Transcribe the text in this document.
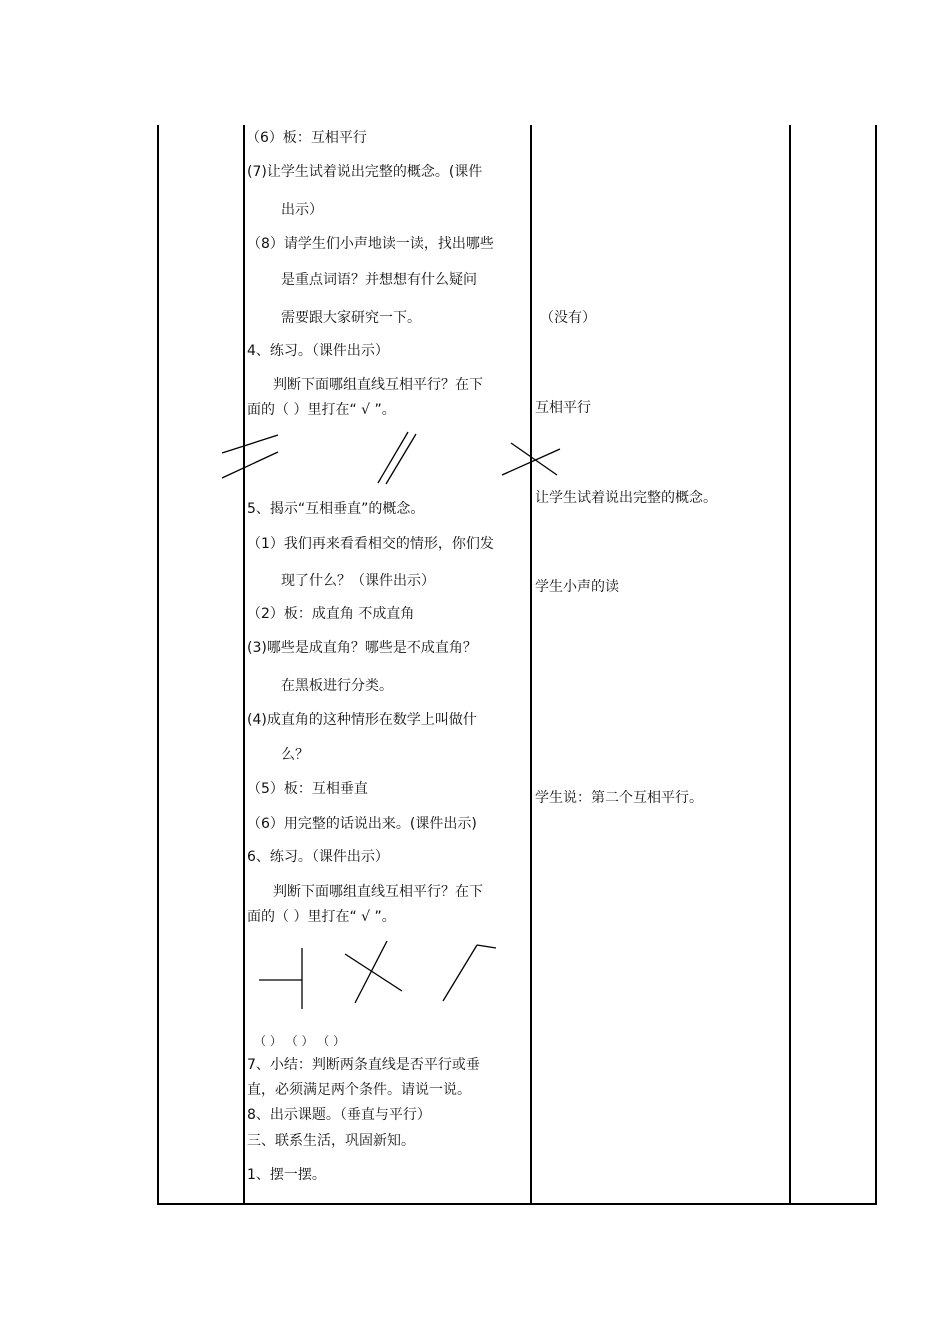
（6）板：互相平行
(7)让学生试着说出完整的概念。(课件
出示）
（8）请学生们小声地读一读，找出哪些
是重点词语？并想想有什么疑问
需要跟大家研究一下。
4、练习。（课件出示）
判断下面哪组直线互相平行？在下
面的（ ）里打在“ √ ”。
5、揭示“互相垂直”的概念。
（1）我们再来看看相交的情形，你们发
现了什么？（课件出示）
（2）板：成直角 不成直角
(3)哪些是成直角？哪些是不成直角？
在黑板进行分类。
(4)成直角的这种情形在数学上叫做什
么？
（5）板：互相垂直
（6）用完整的话说出来。(课件出示)
6、练习。（课件出示）
判断下面哪组直线互相平行？在下
面的（ ）里打在“ √ ”。
（ ） （ ） （ ）
7、小结：判断两条直线是否平行或垂
直，必须满足两个条件。请说一说。
8、出示课题。（垂直与平行）
三、联系生活，巩固新知。
1、摆一摆。
（没有）
互相平行
让学生试着说出完整的概念。
学生小声的读
学生说：第二个互相平行。
